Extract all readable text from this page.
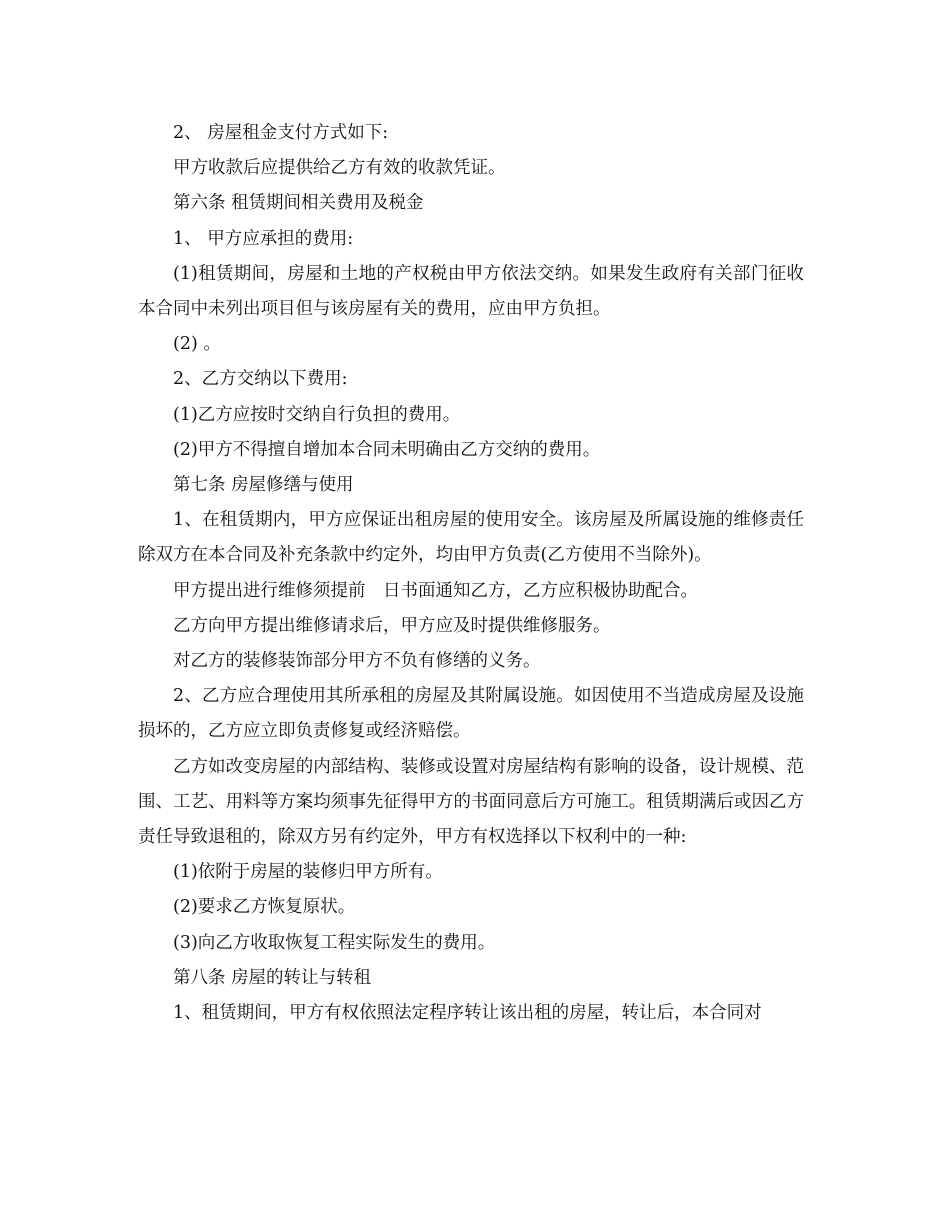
2、 房屋租金支付方式如下:

甲方收款后应提供给乙方有效的收款凭证。

第六条 租赁期间相关费用及税金

1、 甲方应承担的费用:

(1)租赁期间，房屋和土地的产权税由甲方依法交纳。如果发生政府有关部门征收本合同中未列出项目但与该房屋有关的费用，应由甲方负担。

(2) 。

2、乙方交纳以下费用:

(1)乙方应按时交纳自行负担的费用。

(2)甲方不得擅自增加本合同未明确由乙方交纳的费用。

第七条 房屋修缮与使用

1、在租赁期内，甲方应保证出租房屋的使用安全。该房屋及所属设施的维修责任除双方在本合同及补充条款中约定外，均由甲方负责(乙方使用不当除外)。

甲方提出进行维修须提前　日书面通知乙方，乙方应积极协助配合。

乙方向甲方提出维修请求后，甲方应及时提供维修服务。

对乙方的装修装饰部分甲方不负有修缮的义务。

2、乙方应合理使用其所承租的房屋及其附属设施。如因使用不当造成房屋及设施损坏的，乙方应立即负责修复或经济赔偿。

乙方如改变房屋的内部结构、装修或设置对房屋结构有影响的设备，设计规模、范围、工艺、用料等方案均须事先征得甲方的书面同意后方可施工。租赁期满后或因乙方责任导致退租的，除双方另有约定外，甲方有权选择以下权利中的一种:

(1)依附于房屋的装修归甲方所有。

(2)要求乙方恢复原状。

(3)向乙方收取恢复工程实际发生的费用。

第八条 房屋的转让与转租

1、租赁期间，甲方有权依照法定程序转让该出租的房屋，转让后，本合同对
